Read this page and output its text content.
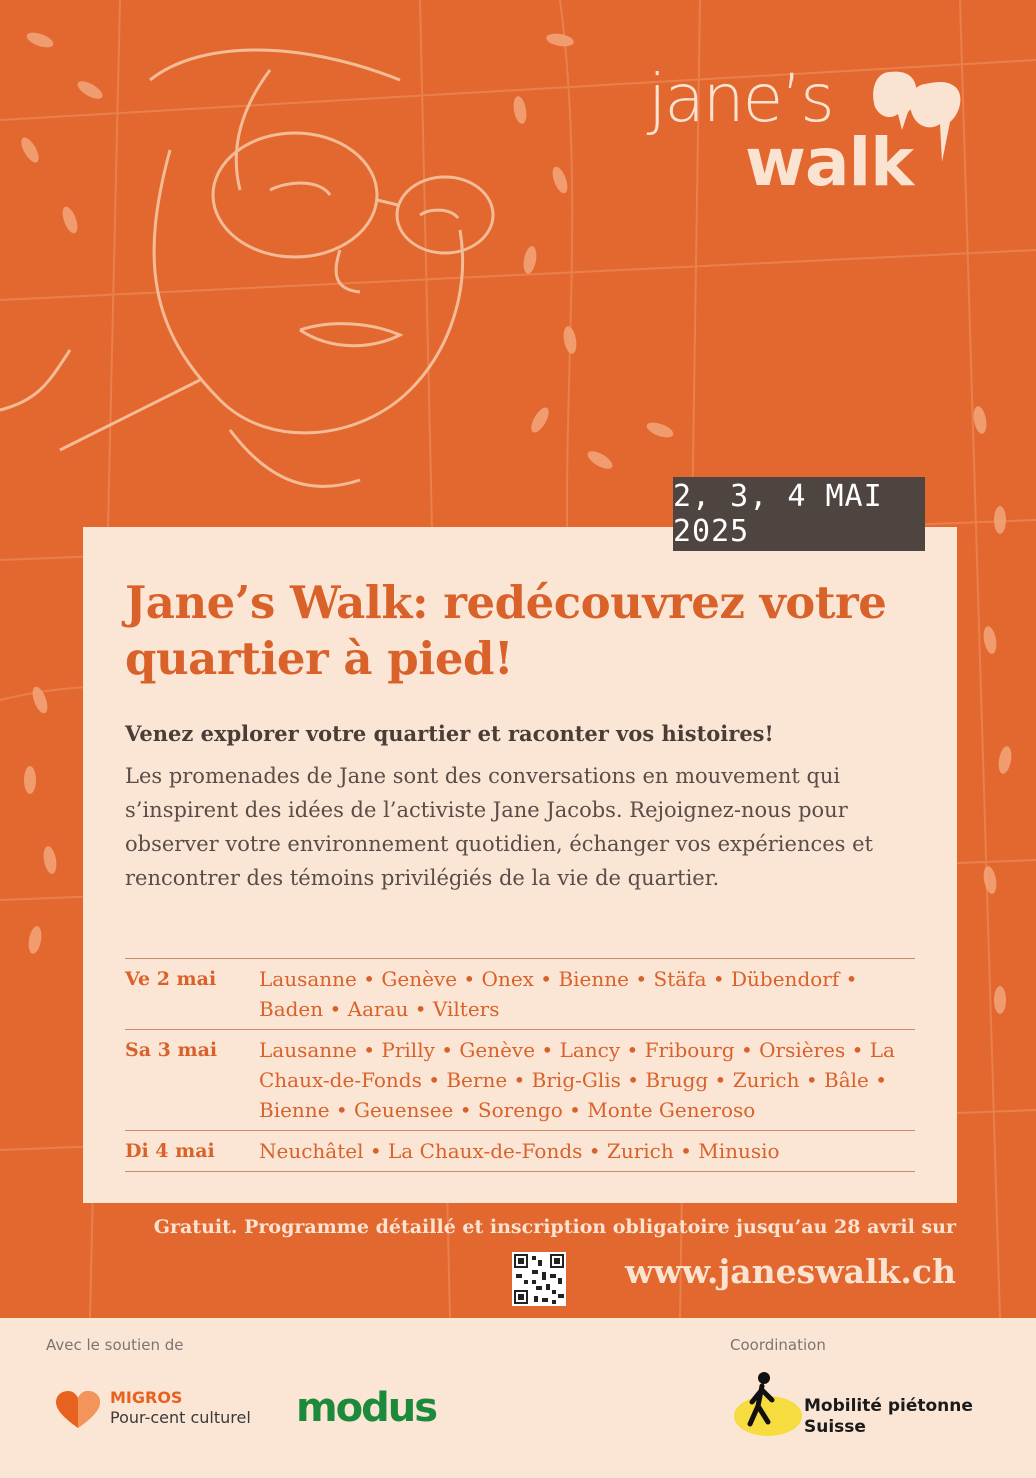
jane’s
walk
Jane’s Walk: redécouvrez votre quartier à pied!

Venez explorer votre quartier et raconter vos histoires!

Les promenades de Jane sont des conversations en mouvement qui s’inspirent des idées de l’activiste Jane Jacobs. Rejoignez-nous pour observer votre environnement quotidien, échanger vos expériences et rencontrer des témoins privilégiés de la vie de quartier.

Ve 2 mai	Lausanne • Genève • Onex • Bienne • Stäfa • Dübendorf • Baden • Aarau • Vilters
Sa 3 mai	Lausanne • Prilly • Genève • Lancy • Fribourg • Orsières • La Chaux-de-Fonds • Berne • Brig-Glis • Brugg • Zurich • Bâle • Bienne • Geuensee • Sorengo • Monte Generoso
Di 4 mai	Neuchâtel • La Chaux-de-Fonds • Zurich • Minusio
2, 3, 4 MAI 2025
Gratuit. Programme détaillé et inscription obligatoire jusqu’au 28 avril sur
www.janeswalk.ch
Avec le soutien de	Coordination
MIGROS
Pour-cent culturel modus	Mobilité piétonne Suisse
